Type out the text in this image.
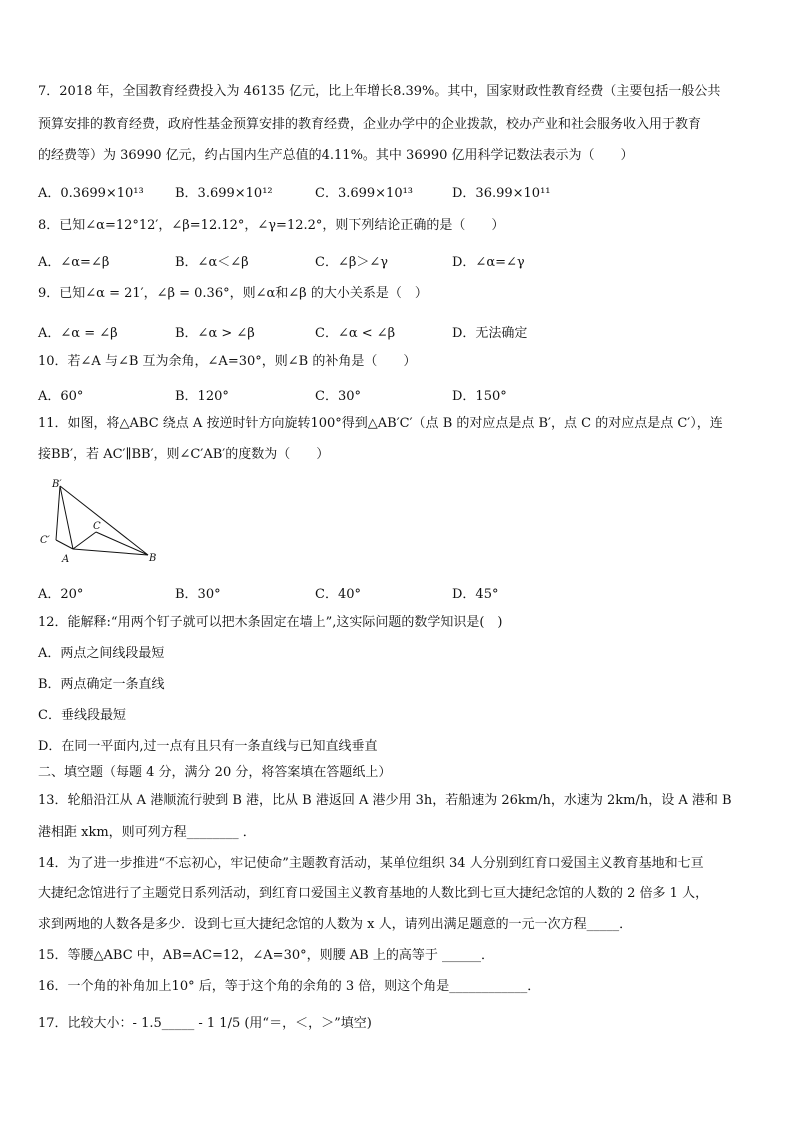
7．2018 年，全国教育经费投入为 46135 亿元，比上年增长8.39%。其中，国家财政性教育经费（主要包括一般公共
预算安排的教育经费，政府性基金预算安排的教育经费，企业办学中的企业拨款，校办产业和社会服务收入用于教育
的经费等）为 36990 亿元，约占国内生产总值的4.11%。其中 36990 亿用科学记数法表示为（　　）
A．0.3699×10¹³ B．3.699×10¹²	C．3.699×10¹³	D．36.99×10¹¹
8．已知∠α=12°12′，∠β=12.12°，∠γ=12.2°，则下列结论正确的是（　　）
A．∠α=∠β	B．∠α＜∠β	C．∠β＞∠γ	D．∠α=∠γ
9．已知∠α = 21′，∠β = 0.36°，则∠α和∠β 的大小关系是（　）
A．∠α = ∠β	B．∠α > ∠β	C．∠α < ∠β	D．无法确定
10．若∠A 与∠B 互为余角，∠A=30°，则∠B 的补角是（　　）
A．60°	B．120°	C．30°	D．150°
11．如图，将△ABC 绕点 A 按逆时针方向旋转100°得到△AB′C′（点 B 的对应点是点 B′，点 C 的对应点是点 C′），连
接BB′，若 AC′∥BB′，则∠C′AB′的度数为（　　）
B′
C′
A
C
B
A．20°	B．30°	C．40°	D．45°
12．能解释:“用两个钉子就可以把木条固定在墙上”,这实际问题的数学知识是(　)
A．两点之间线段最短
B．两点确定一条直线
C．垂线段最短
D．在同一平面内,过一点有且只有一条直线与已知直线垂直
二、填空题（每题 4 分，满分 20 分，将答案填在答题纸上）
13．轮船沿江从 A 港顺流行驶到 B 港，比从 B 港返回 A 港少用 3h，若船速为 26km/h，水速为 2km/h，设 A 港和 B
港相距 xkm，则可列方程________ ．
14．为了进一步推进“不忘初心，牢记使命”主题教育活动，某单位组织 34 人分别到红育口爱国主义教育基地和七亘
大捷纪念馆进行了主题党日系列活动，到红育口爱国主义教育基地的人数比到七亘大捷纪念馆的人数的 2 倍多 1 人，
求到两地的人数各是多少．设到七亘大捷纪念馆的人数为 x 人，请列出满足题意的一元一次方程_____．
15．等腰△ABC 中，AB=AC=12，∠A=30°，则腰 AB 上的高等于 ______．
16．一个角的补角加上10° 后，等于这个角的余角的 3 倍，则这个角是____________．
17．比较大小：- 1.5_____ - 1 1/5 (用“＝，＜，＞”填空)
